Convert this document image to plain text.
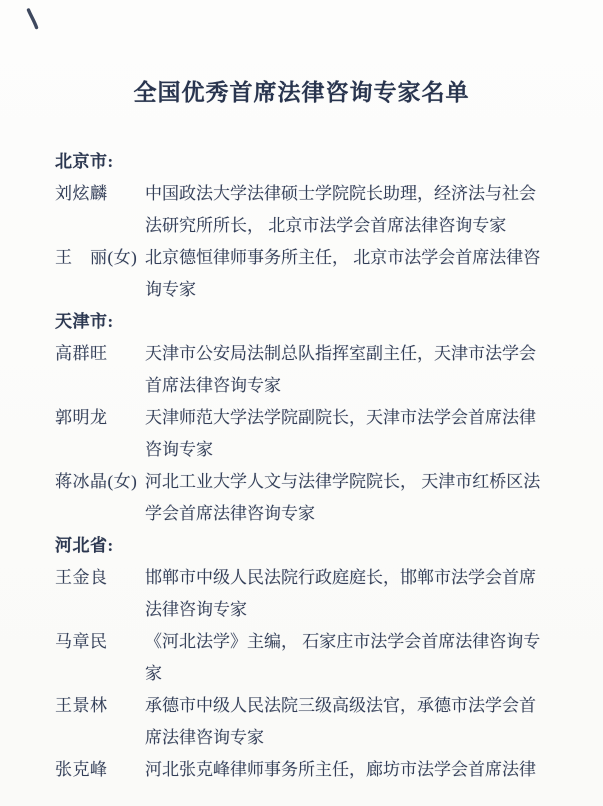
全国优秀首席法律咨询专家名单
北京市:
刘炫麟	中国政法大学法律硕士学院院长助理，经济法与社会法研究所所长， 北京市法学会首席法律咨询专家
王　丽(女) 北京德恒律师事务所主任， 北京市法学会首席法律咨询专家
天津市:
高群旺	天津市公安局法制总队指挥室副主任，天津市法学会首席法律咨询专家
郭明龙	天津师范大学法学院副院长，天津市法学会首席法律咨询专家
蒋冰晶(女) 河北工业大学人文与法律学院院长， 天津市红桥区法学会首席法律咨询专家
河北省:
王金良	邯郸市中级人民法院行政庭庭长，邯郸市法学会首席法律咨询专家
马章民	《河北法学》主编， 石家庄市法学会首席法律咨询专家
王景林	承德市中级人民法院三级高级法官，承德市法学会首席法律咨询专家
张克峰	河北张克峰律师事务所主任，廊坊市法学会首席法律
